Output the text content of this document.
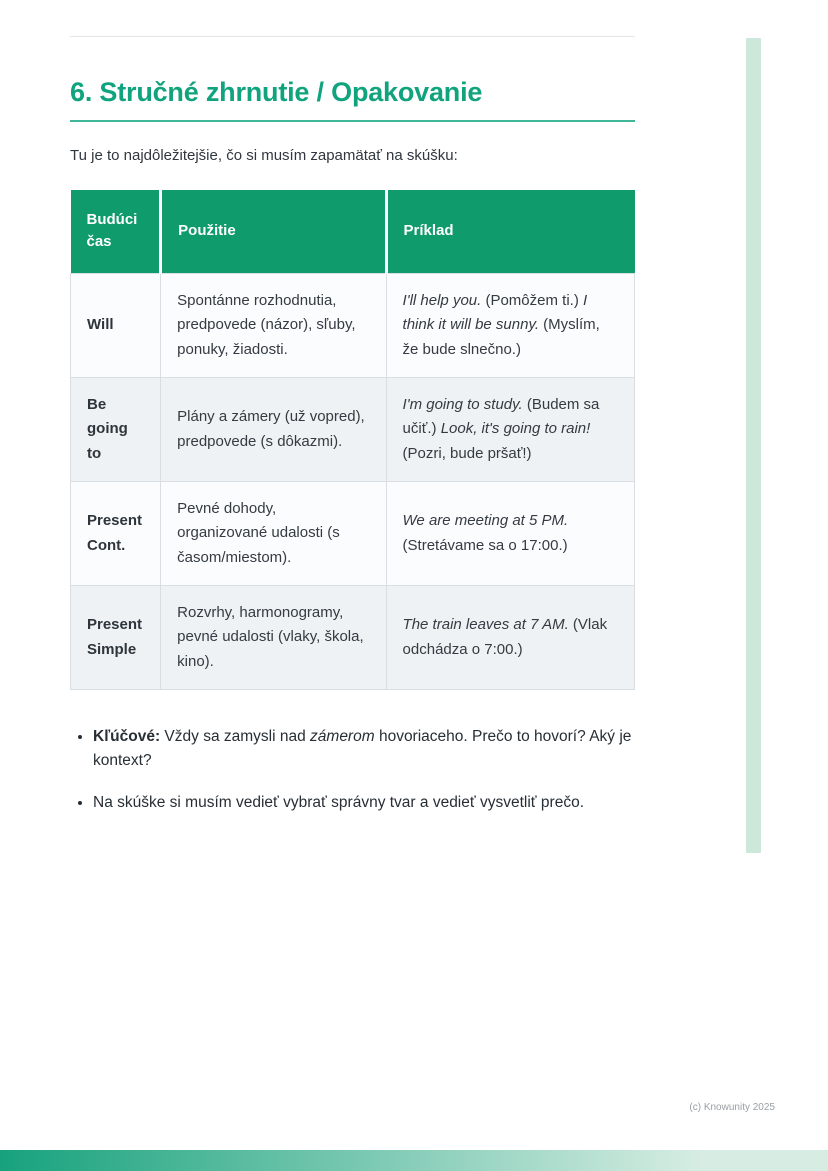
6. Stručné zhrnutie / Opakovanie

Tu je to najdôležitejšie, čo si musím zapamätať na skúšku:

Budúci čas	Použitie	Príklad
Will	Spontánne rozhodnutia, predpovede (názor), sľuby, ponuky, žiadosti.	I'll help you. (Pomôžem ti.) I think it will be sunny. (Myslím, že bude slnečno.)
Be going to	Plány a zámery (už vopred), predpovede (s dôkazmi).	I'm going to study. (Budem sa učiť.) Look, it's going to rain! (Pozri, bude pršať!)
Present Cont.	Pevné dohody, organizované udalosti (s časom/miestom).	We are meeting at 5 PM. (Stretávame sa o 17:00.)
Present Simple	Rozvrhy, harmonogramy, pevné udalosti (vlaky, škola, kino).	The train leaves at 7 AM. (Vlak odchádza o 7:00.)
• Kľúčové: Vždy sa zamysli nad zámerom hovoriaceho. Prečo to hovorí? Aký je kontext?
• Na skúške si musím vedieť vybrať správny tvar a vedieť vysvetliť prečo.
(c) Knowunity 2025
